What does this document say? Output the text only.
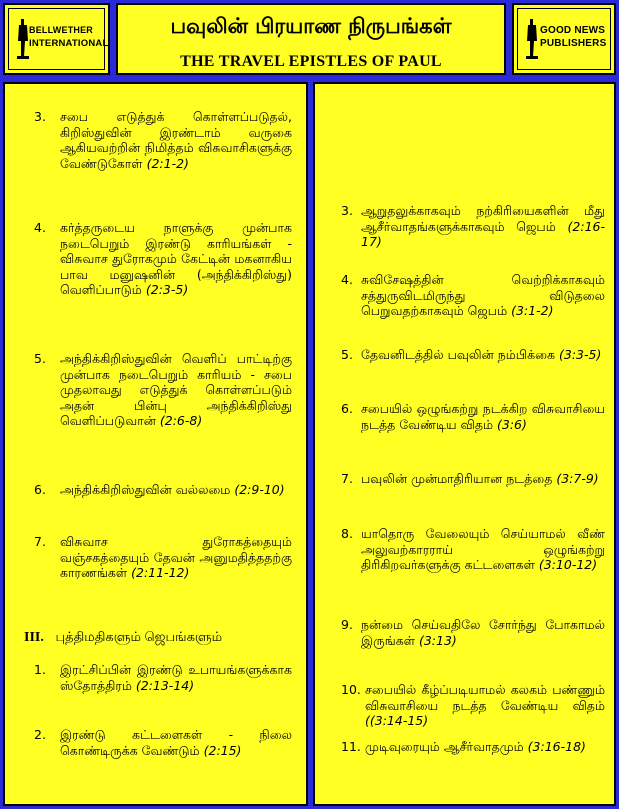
BELLWETHER
INTERNATIONAL
பவுலின் பிரயாண நிருபங்கள்
THE TRAVEL EPISTLES OF PAUL
GOOD NEWS
PUBLISHERS
3.	சபை எடுத்துக் கொள்ளப்படுதல், கிறிஸ்துவின் இரண்டாம் வருகை ஆகியவற்றின் நிமித்தம் விசுவாசிகளுக்கு வேண்டுகோள் (2:1-2)
4.	கர்த்தருடைய நாளுக்கு முன்பாக நடைபெறும் இரண்டு காரியங்கள் - விசுவாச துரோகமும் கேட்டின் மகனாகிய பாவ மனுஷனின் (அந்திக்கிறிஸ்து) வெளிப்பாடும் (2:3-5)
5.	அந்திக்கிறிஸ்துவின் வெளிப் பாட்டிற்கு முன்பாக நடைபெறும் காரியம் - சபை முதலாவது எடுத்துக் கொள்ளப்படும் அதன் பின்பு அந்திக்கிறிஸ்து வெளிப்படுவான் (2:6-8)
6.	அந்திக்கிறிஸ்துவின் வல்லமை (2:9-10)
7.	விசுவாச துரோகத்தையும் வஞ்சகத்தையும் தேவன் அனுமதித்ததற்கு காரணங்கள் (2:11-12)
III. புத்திமதிகளும் ஜெபங்களும்
1.	இரட்சிப்பின் இரண்டு உபாயங்களுக்காக ஸ்தோத்திரம் (2:13-14)
2.	இரண்டு கட்டளைகள் - நிலை கொண்டிருக்க வேண்டும் (2:15)
3. ஆறுதலுக்காகவும் நற்கிரியைகளின் மீது ஆசீர்வாதங்களுக்காகவும் ஜெபம் (2:16-17)
4. சுவிசேஷத்தின் வெற்றிக்காகவும் சத்துருவிடமிருந்து விடுதலை பெறுவதற்காகவும் ஜெபம் (3:1-2)
5. தேவனிடத்தில் பவுலின் நம்பிக்கை (3:3-5)
6. சபையில் ஒழுங்கற்று நடக்கிற விசுவாசியை நடத்த வேண்டிய விதம் (3:6)
7. பவுலின் முன்மாதிரியான நடத்தை (3:7-9)
8. யாதொரு வேலையும் செய்யாமல் வீண் அலுவற்காரராய் ஒழுங்கற்று திரிகிறவர்களுக்கு கட்டளைகள் (3:10-12)
9. நன்மை செய்வதிலே சோர்ந்து போகாமல் இருங்கள் (3:13)
10. சபையில் கீழ்ப்படியாமல் கலகம் பண்ணும் விசுவாசியை நடத்த வேண்டிய விதம் ((3:14-15)
11. முடிவுரையும் ஆசீர்வாதமும் (3:16-18)
